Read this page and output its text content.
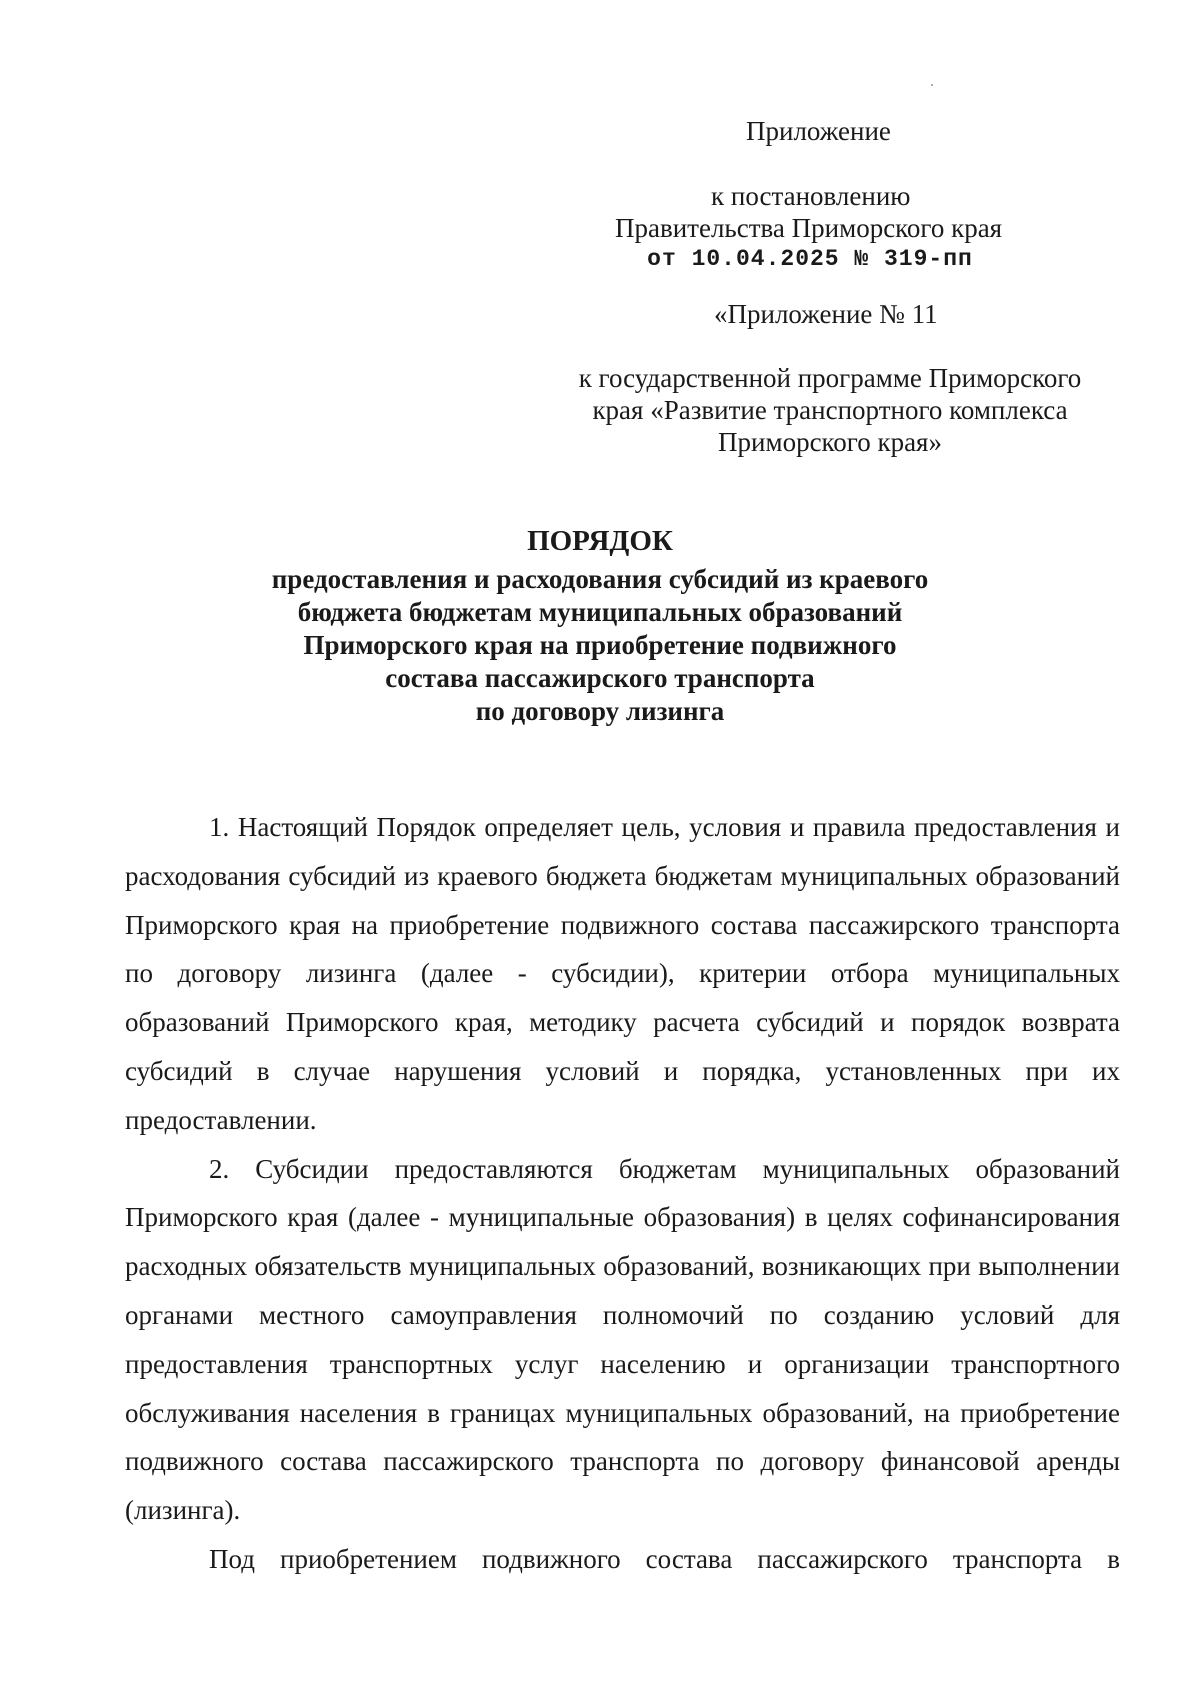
Приложение
к постановлению
Правительства Приморского края
от 10.04.2025 № 319-пп
«Приложение № 11
к государственной программе Приморского
края «Развитие транспортного комплекса
Приморского края»
ПОРЯДОК
предоставления и расходования субсидий из краевого
бюджета бюджетам муниципальных образований
Приморского края на приобретение подвижного
состава пассажирского транспорта
по договору лизинга

1. Настоящий Порядок определяет цель, условия и правила предоставления и расходования субсидий из краевого бюджета бюджетам муниципальных образований Приморского края на приобретение подвижного состава пассажирского транспорта по договору лизинга (далее - субсидии), критерии отбора муниципальных образований Приморского края, методику расчета субсидий и порядок возврата субсидий в случае нарушения условий и порядка, установленных при их предоставлении.

2. Субсидии предоставляются бюджетам муниципальных образований Приморского края (далее - муниципальные образования) в целях софинансирования расходных обязательств муниципальных образований, возникающих при выполнении органами местного самоуправления полномочий по созданию условий для предоставления транспортных услуг населению и организации транспортного обслуживания населения в границах муниципальных образований, на приобретение подвижного состава пассажирского транспорта по договору финансовой аренды (лизинга).

Под приобретением подвижного состава пассажирского транспорта в
